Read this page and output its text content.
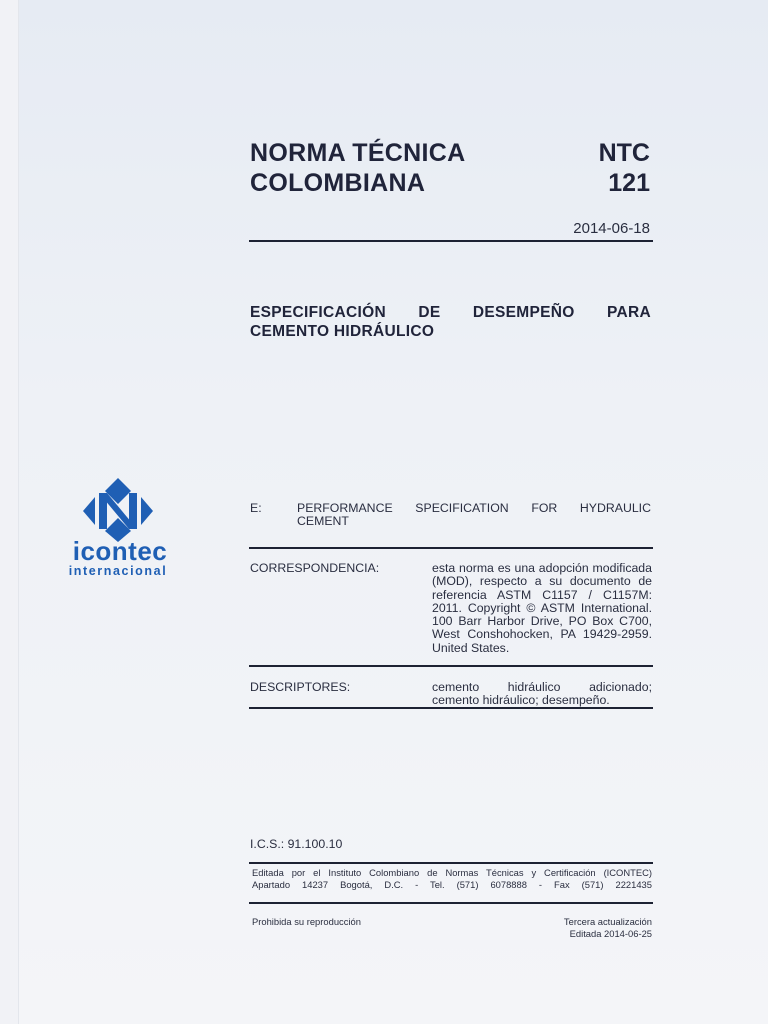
NORMA TÉCNICA
COLOMBIANA
NTC
121
2014-06-18
ESPECIFICACIÓN DE DESEMPEÑO PARA
CEMENTO HIDRÁULICO
icontec
internacional
E:	PERFORMANCE SPECIFICATION FOR HYDRAULIC
CEMENT
CORRESPONDENCIA:	esta norma es una adopción modificada (MOD), respecto a su documento de referencia ASTM C1157 / C1157M: 2011. Copyright © ASTM International. 100 Barr Harbor Drive, PO Box C700, West Conshohocken, PA 19429-2959. United States.
DESCRIPTORES:	cemento hidráulico adicionado; cemento hidráulico; desempeño.
I.C.S.: 91.100.10
Editada por el Instituto Colombiano de Normas Técnicas y Certificación (ICONTEC)
Apartado 14237 Bogotá, D.C. - Tel. (571) 6078888 - Fax (571) 2221435
Prohibida su reproducción	Tercera actualización
Editada 2014-06-25
